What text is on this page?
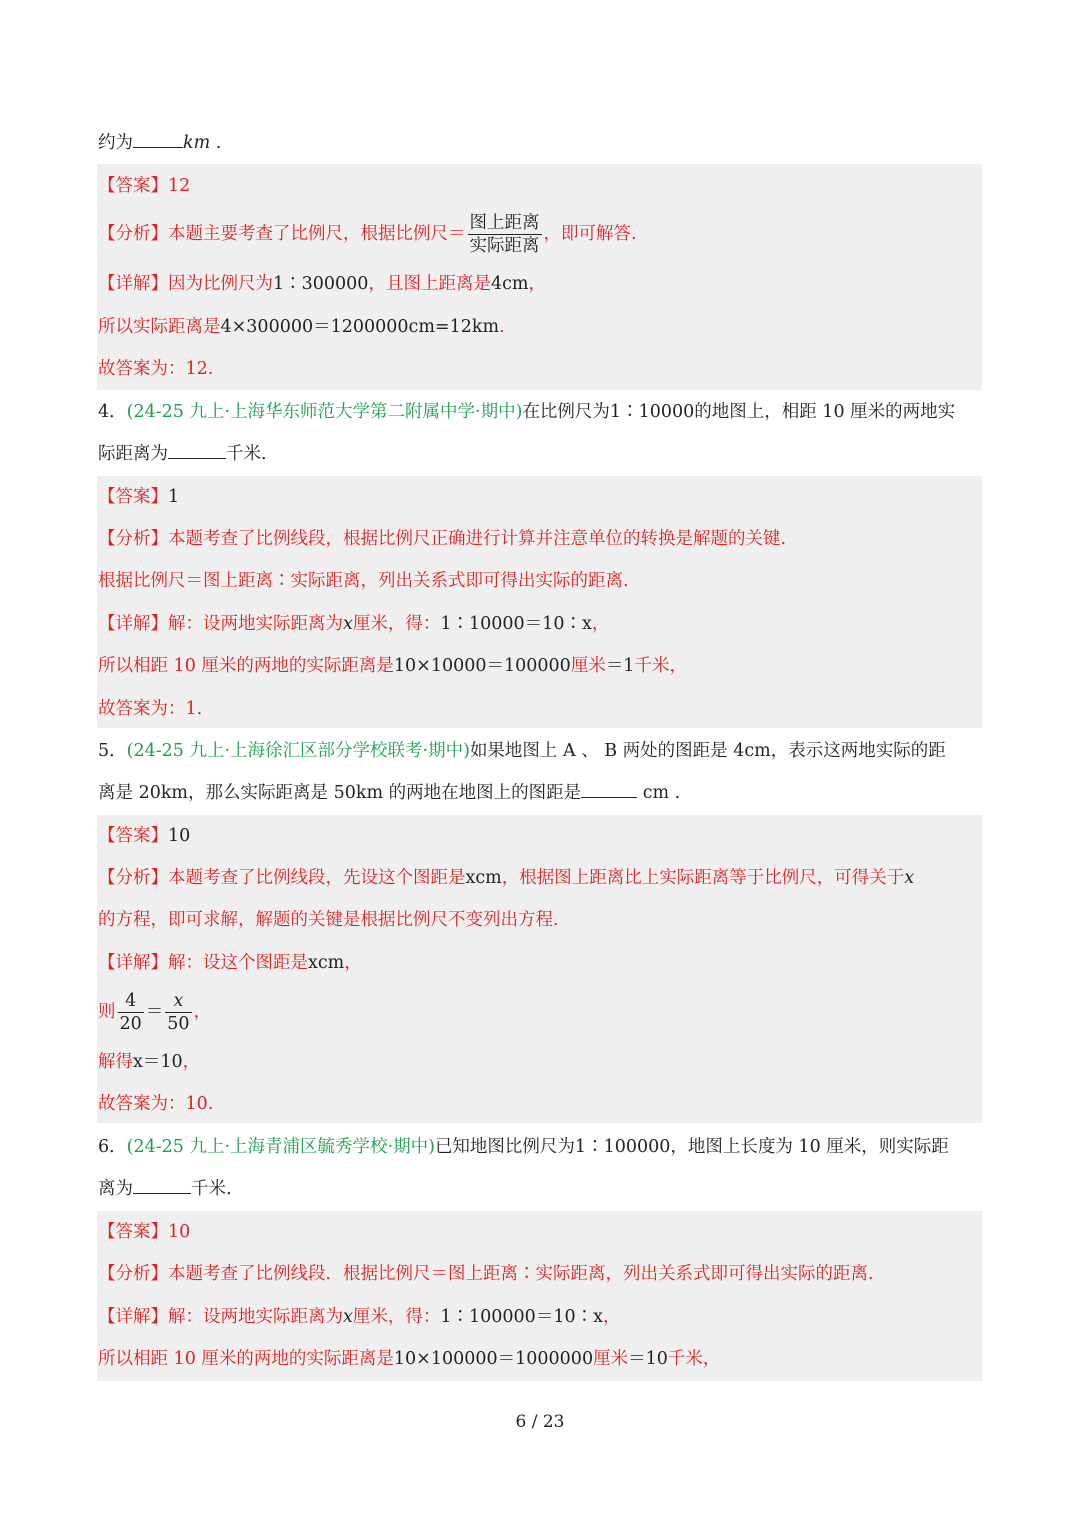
约为	km .
【答案】12
【分析】本题主要考查了比例尺，根据比例尺＝ $\frac{\text{图上距离}}{\text{实际距离}}$ ，即可解答.
【详解】因为比例尺为1∶300000，且图上距离是4cm，
所以实际距离是4×300000＝1200000cm=12km.
故答案为：12.
4．(24-25 九上·上海华东师范大学第二附属中学·期中)在比例尺为1∶10000的地图上，相距 10 厘米的两地实
际距离为	千米.
【答案】1
【分析】本题考查了比例线段，根据比例尺正确进行计算并注意单位的转换是解题的关键.
根据比例尺＝图上距离∶实际距离，列出关系式即可得出实际的距离.
【详解】解：设两地实际距离为x厘米，得：1∶10000＝10∶x，
所以相距 10 厘米的两地的实际距离是10×10000＝100000厘米＝1千米，
故答案为：1.
5．(24-25 九上·上海徐汇区部分学校联考·期中)如果地图上 A 、 B 两处的图距是 4cm，表示这两地实际的距
离是 20km，那么实际距离是 50km 的两地在地图上的图距是	cm .
【答案】10
【分析】本题考查了比例线段，先设这个图距是xcm，根据图上距离比上实际距离等于比例尺，可得关于x
的方程，即可求解，解题的关键是根据比例尺不变列出方程.
【详解】解：设这个图距是xcm，
则 $\frac{4}{20} = \frac{x}{50}$ ，
解得x＝10，
故答案为：10.
6．(24-25 九上·上海青浦区毓秀学校·期中)已知地图比例尺为1∶100000，地图上长度为 10 厘米，则实际距
离为	千米.
【答案】10
【分析】本题考查了比例线段．根据比例尺＝图上距离∶实际距离，列出关系式即可得出实际的距离.
【详解】解：设两地实际距离为x厘米，得：1∶100000＝10∶x，
所以相距 10 厘米的两地的实际距离是10×100000＝1000000厘米＝10千米，
6 / 23
